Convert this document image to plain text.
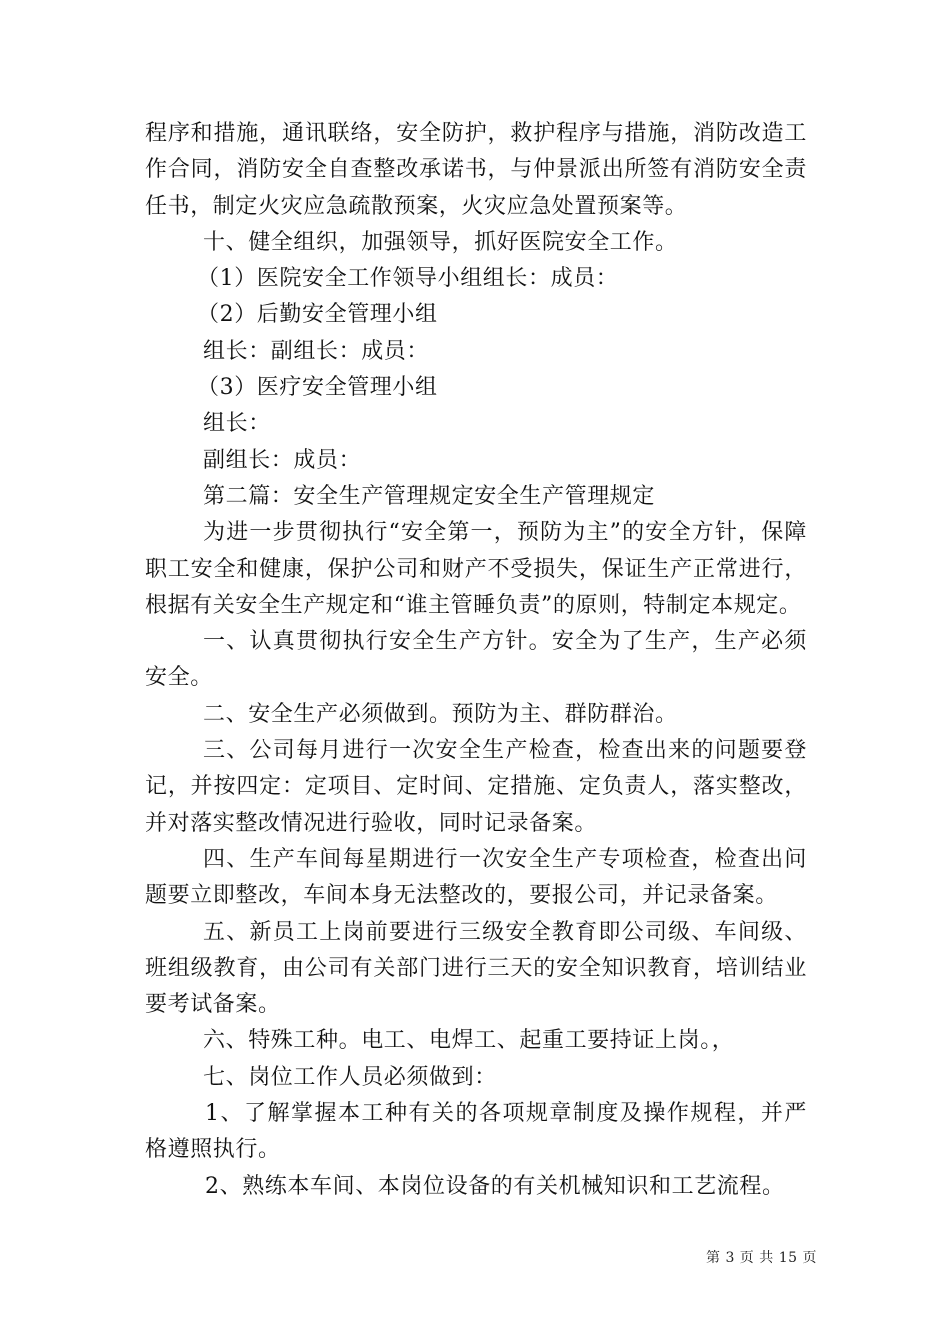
程序和措施，通讯联络，安全防护，救护程序与措施，消防改造工作合同，消防安全自查整改承诺书，与仲景派出所签有消防安全责任书，制定火灾应急疏散预案，火灾应急处置预案等。

十、健全组织，加强领导，抓好医院安全工作。

（1）医院安全工作领导小组组长：成员：

（2）后勤安全管理小组

组长：副组长：成员：

（3）医疗安全管理小组

组长：

副组长：成员：

第二篇：安全生产管理规定安全生产管理规定

为进一步贯彻执行“安全第一，预防为主”的安全方针，保障职工安全和健康，保护公司和财产不受损失，保证生产正常进行，根据有关安全生产规定和“谁主管睡负责”的原则，特制定本规定。

一、认真贯彻执行安全生产方针。安全为了生产，生产必须安全。

二、安全生产必须做到。预防为主、群防群治。

三、公司每月进行一次安全生产检查，检查出来的问题要登记，并按四定：定项目、定时间、定措施、定负责人，落实整改，并对落实整改情况进行验收，同时记录备案。

四、生产车间每星期进行一次安全生产专项检查，检查出问题要立即整改，车间本身无法整改的，要报公司，并记录备案。

五、新员工上岗前要进行三级安全教育即公司级、车间级、班组级教育，由公司有关部门进行三天的安全知识教育，培训结业要考试备案。

六、特殊工种。电工、电焊工、起重工要持证上岗。，

七、岗位工作人员必须做到：

1、了解掌握本工种有关的各项规章制度及操作规程，并严格遵照执行。

2、熟练本车间、本岗位设备的有关机械知识和工艺流程。

第 3 页 共 15 页
